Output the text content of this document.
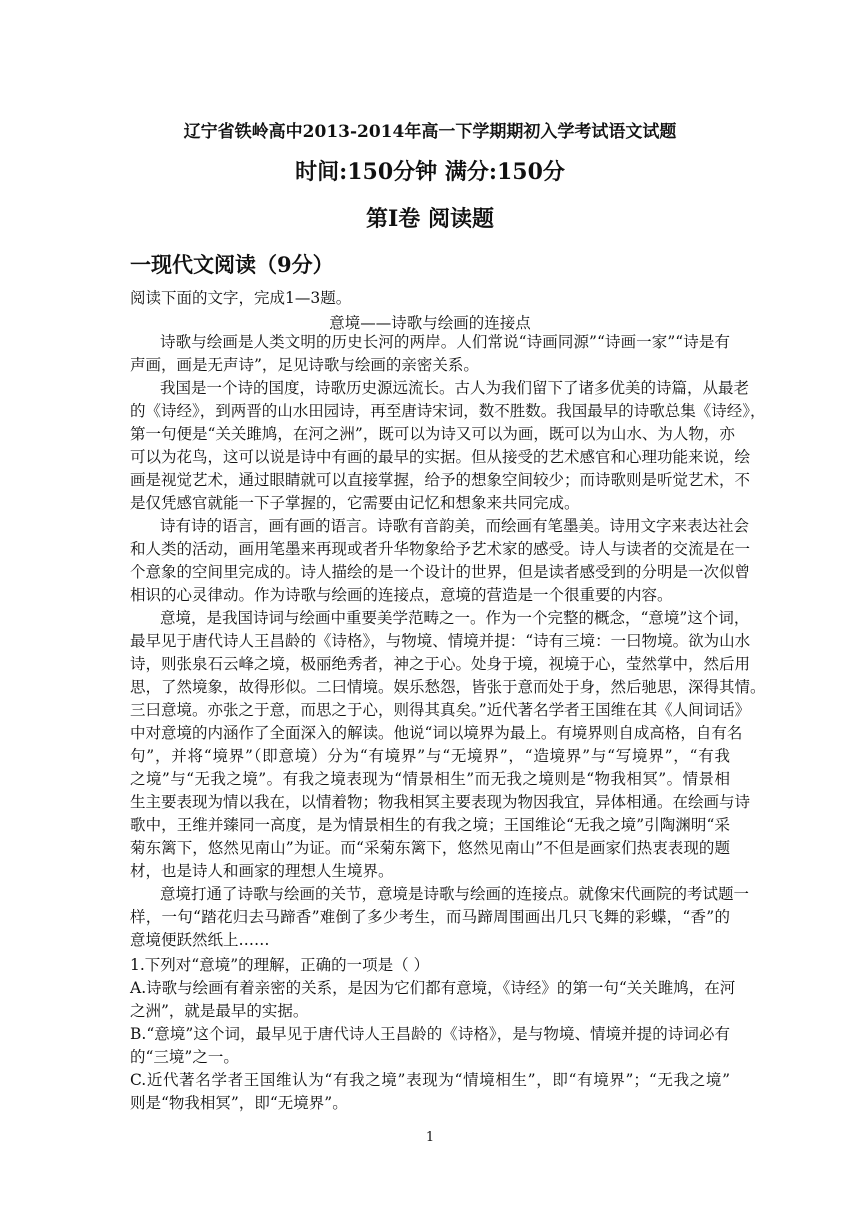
辽宁省铁岭高中2013-2014年高一下学期期初入学考试语文试题
时间:150分钟 满分:150分
第Ⅰ卷 阅读题
一现代文阅读（9分）
阅读下面的文字，完成1—3题。
意境——诗歌与绘画的连接点
诗歌与绘画是人类文明的历史长河的两岸。人们常说“诗画同源”“诗画一家”“诗是有
声画，画是无声诗”，足见诗歌与绘画的亲密关系。
我国是一个诗的国度，诗歌历史源远流长。古人为我们留下了诸多优美的诗篇，从最老
的《诗经》，到两晋的山水田园诗，再至唐诗宋词，数不胜数。我国最早的诗歌总集《诗经》，
第一句便是“关关雎鸠，在河之洲”，既可以为诗又可以为画，既可以为山水、为人物，亦
可以为花鸟，这可以说是诗中有画的最早的实据。但从接受的艺术感官和心理功能来说，绘
画是视觉艺术，通过眼睛就可以直接掌握，给予的想象空间较少；而诗歌则是听觉艺术，不
是仅凭感官就能一下子掌握的，它需要由记忆和想象来共同完成。
诗有诗的语言，画有画的语言。诗歌有音韵美，而绘画有笔墨美。诗用文字来表达社会
和人类的活动，画用笔墨来再现或者升华物象给予艺术家的感受。诗人与读者的交流是在一
个意象的空间里完成的。诗人描绘的是一个设计的世界，但是读者感受到的分明是一次似曾
相识的心灵律动。作为诗歌与绘画的连接点，意境的营造是一个很重要的内容。
意境，是我国诗词与绘画中重要美学范畴之一。作为一个完整的概念，“意境”这个词，
最早见于唐代诗人王昌龄的《诗格》，与物境、情境并提：“诗有三境：一曰物境。欲为山水
诗，则张泉石云峰之境，极丽绝秀者，神之于心。处身于境，视境于心，莹然掌中，然后用
思，了然境象，故得形似。二曰情境。娱乐愁怨，皆张于意而处于身，然后驰思，深得其情。
三曰意境。亦张之于意，而思之于心，则得其真矣。”近代著名学者王国维在其《人间词话》
中对意境的内涵作了全面深入的解读。他说“词以境界为最上。有境界则自成高格，自有名
句”，并将“境界”（即意境）分为“有境界”与“无境界”，“造境界”与“写境界”，“有我
之境”与“无我之境”。有我之境表现为“情景相生”而无我之境则是“物我相冥”。情景相
生主要表现为情以我在，以情着物；物我相冥主要表现为物因我宜，异体相通。在绘画与诗
歌中，王维并臻同一高度，是为情景相生的有我之境；王国维论“无我之境”引陶渊明“采
菊东篱下，悠然见南山”为证。而“采菊东篱下，悠然见南山”不但是画家们热衷表现的题
材，也是诗人和画家的理想人生境界。
意境打通了诗歌与绘画的关节，意境是诗歌与绘画的连接点。就像宋代画院的考试题一
样，一句“踏花归去马蹄香”难倒了多少考生，而马蹄周围画出几只飞舞的彩蝶，“香”的
意境便跃然纸上……
1.下列对“意境”的理解，正确的一项是（ ）
A.诗歌与绘画有着亲密的关系，是因为它们都有意境，《诗经》的第一句“关关雎鸠，在河
之洲”，就是最早的实据。
B.“意境”这个词，最早见于唐代诗人王昌龄的《诗格》，是与物境、情境并提的诗词必有
的“三境”之一。
C.近代著名学者王国维认为“有我之境”表现为“情境相生”，即“有境界”；“无我之境”
则是“物我相冥”，即“无境界”。
1
